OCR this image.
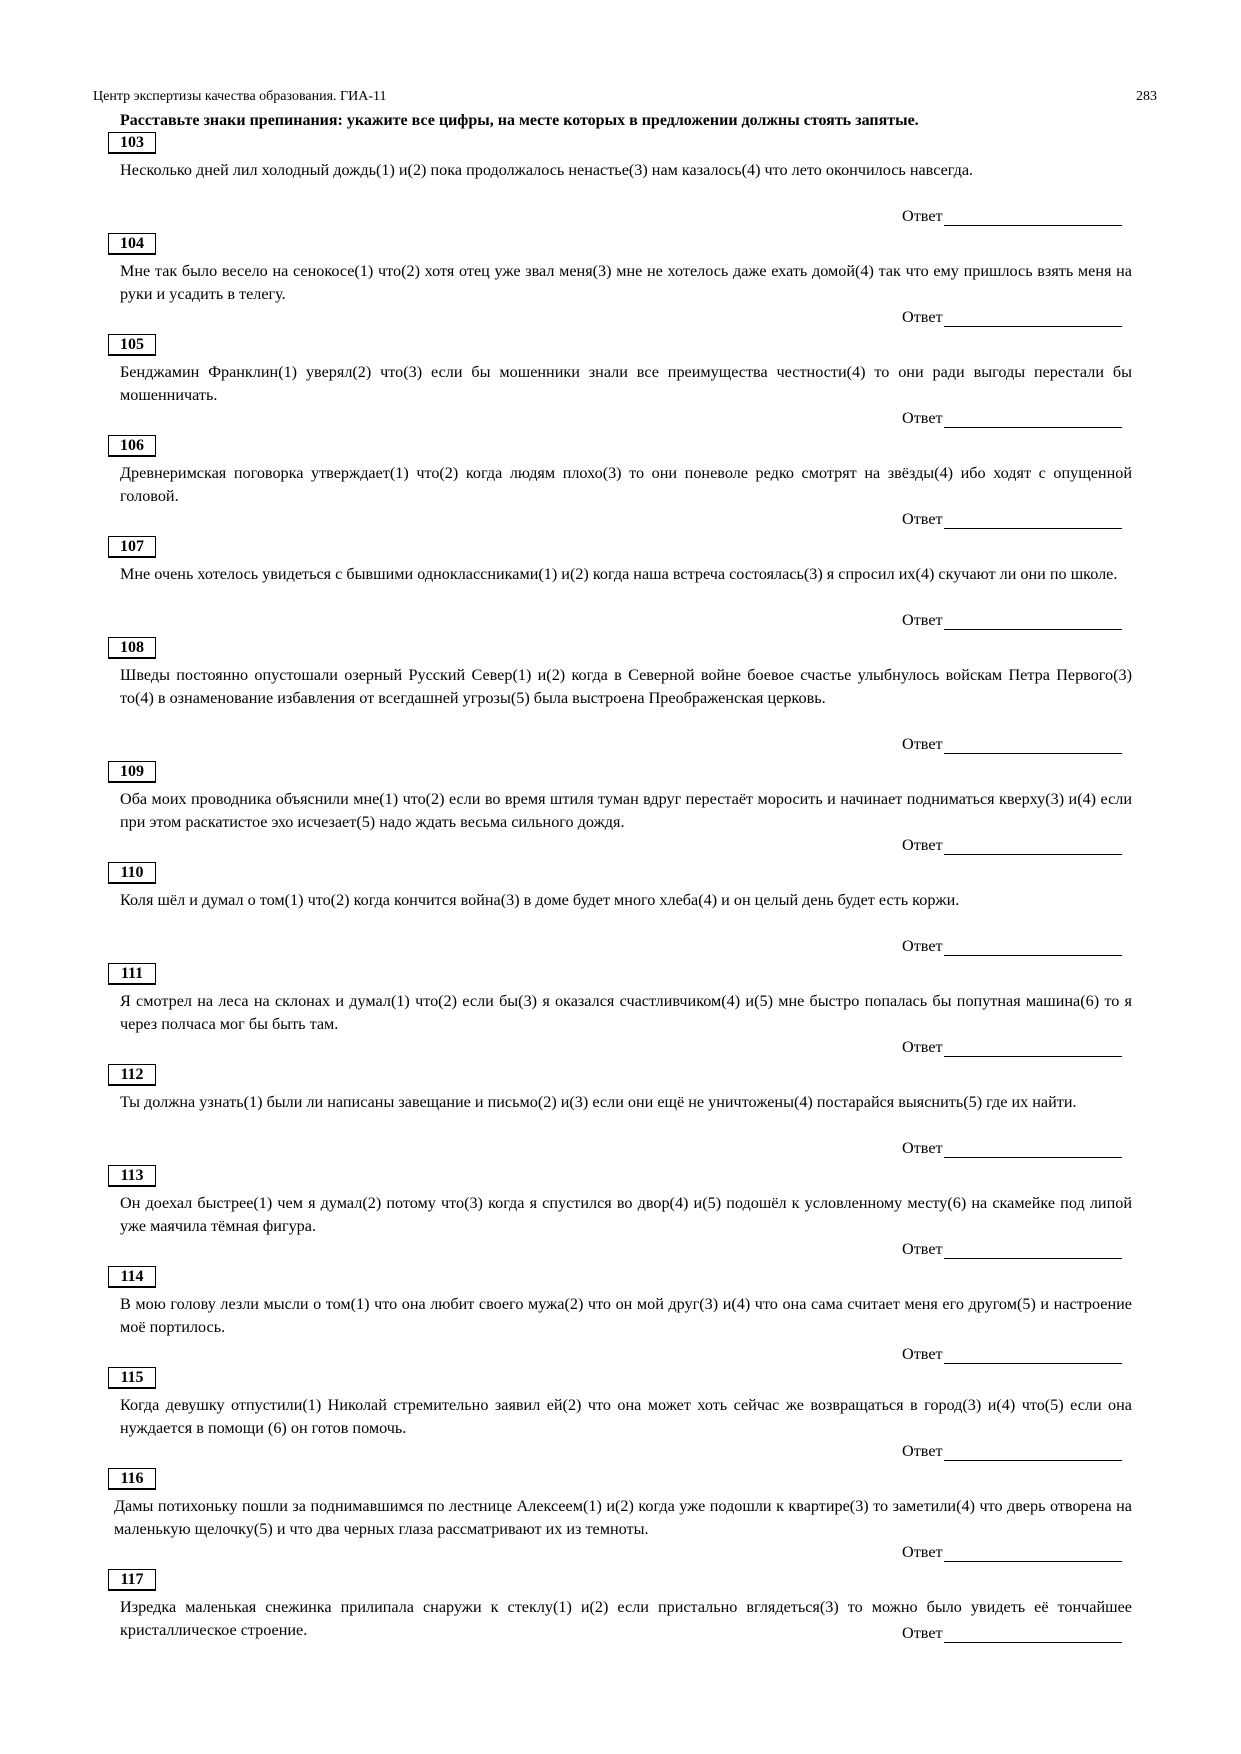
Центр экспертизы качества образования. ГИА-11	283
Расставьте знаки препинания: укажите все цифры, на месте которых в предложении должны стоять запятые.
103
Несколько дней лил холодный дождь(1) и(2) пока продолжалось ненастье(3) нам казалось(4) что лето окончилось навсегда.
Ответ
104
Мне так было весело на сенокосе(1) что(2) хотя отец уже звал меня(3) мне не хотелось даже ехать домой(4) так что ему пришлось взять меня на руки и усадить в телегу.
Ответ
105
Бенджамин Франклин(1) уверял(2) что(3) если бы мошенники знали все преимущества честности(4) то они ради выгоды перестали бы мошенничать.
Ответ
106
Древнеримская поговорка утверждает(1) что(2) когда людям плохо(3) то они поневоле редко смотрят на звёзды(4) ибо ходят с опущенной головой.
Ответ
107
Мне очень хотелось увидеться с бывшими одноклассниками(1) и(2) когда наша встреча состоялась(3) я спросил их(4) скучают ли они по школе.
Ответ
108
Шведы постоянно опустошали озерный Русский Север(1) и(2) когда в Северной войне боевое счастье улыбнулось войскам Петра Первого(3) то(4) в ознаменование избавления от всегдашней угрозы(5) была выстроена Преображенская церковь.
Ответ
109
Оба моих проводника объяснили мне(1) что(2) если во время штиля туман вдруг перестаёт моросить и начинает подниматься кверху(3) и(4) если при этом раскатистое эхо исчезает(5) надо ждать весьма сильного дождя.
Ответ
110
Коля шёл и думал о том(1) что(2) когда кончится война(3) в доме будет много хлеба(4) и он целый день будет есть коржи.
Ответ
111
Я смотрел на леса на склонах и думал(1) что(2) если бы(3) я оказался счастливчиком(4) и(5) мне быстро попалась бы попутная машина(6) то я через полчаса мог бы быть там.
Ответ
112
Ты должна узнать(1) были ли написаны завещание и письмо(2) и(3) если они ещё не уничтожены(4) постарайся выяснить(5) где их найти.
Ответ
113
Он доехал быстрее(1) чем я думал(2) потому что(3) когда я спустился во двор(4) и(5) подошёл к условленному месту(6) на скамейке под липой уже маячила тёмная фигура.
Ответ
114
В мою голову лезли мысли о том(1) что она любит своего мужа(2) что он мой друг(3) и(4) что она сама считает меня его другом(5) и настроение моё портилось.
Ответ
115
Когда девушку отпустили(1) Николай стремительно заявил ей(2) что она может хоть сейчас же возвращаться в город(3) и(4) что(5) если она нуждается в помощи (6) он готов помочь.
Ответ
116
Дамы потихоньку пошли за поднимавшимся по лестнице Алексеем(1) и(2) когда уже подошли к квартире(3) то заметили(4) что дверь отворена на маленькую щелочку(5) и что два черных глаза рассматривают их из темноты.
Ответ
117
Изредка маленькая снежинка прилипала снаружи к стеклу(1) и(2) если пристально вглядеться(3) то можно было увидеть её тончайшее кристаллическое строение.	Ответ
